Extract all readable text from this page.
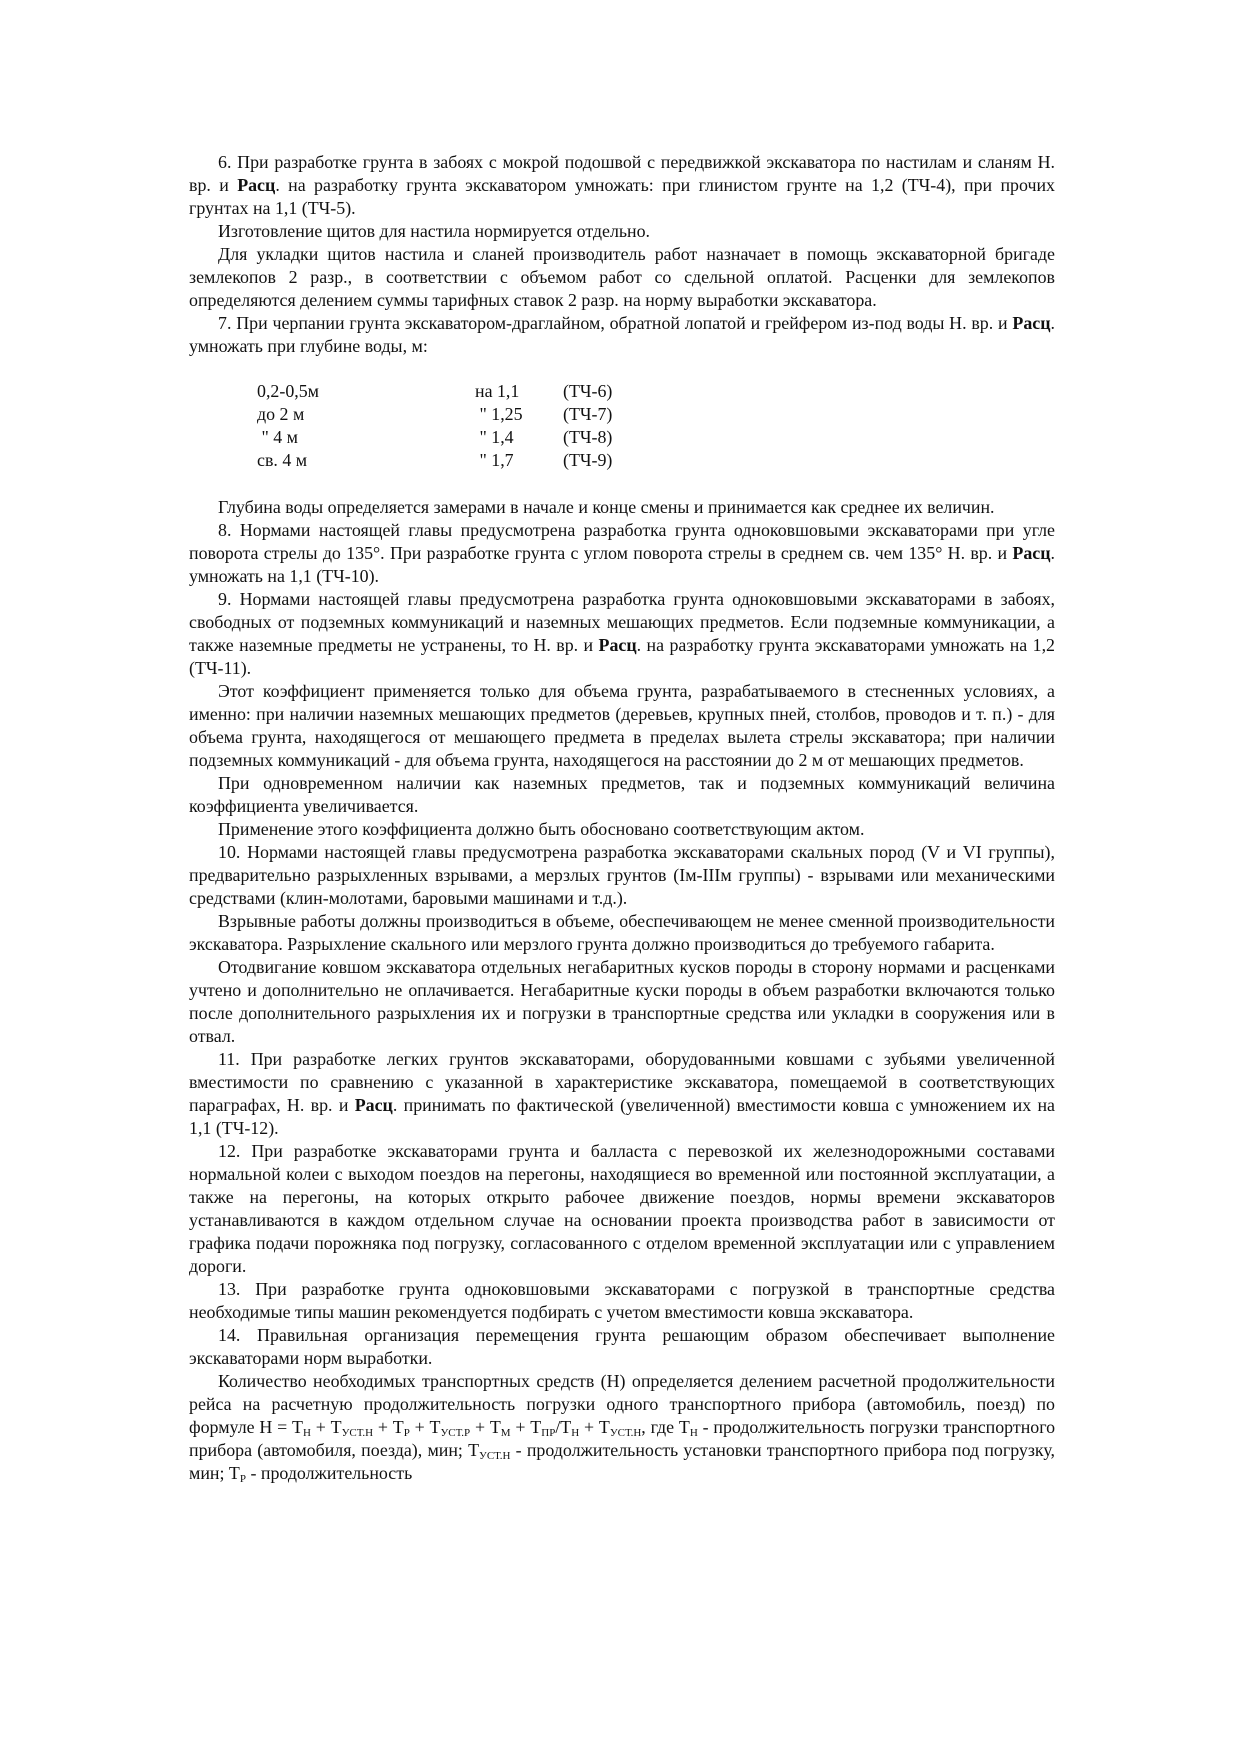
6. При разработке грунта в забоях с мокрой подошвой с передвижкой экскаватора по настилам и сланям Н. вр. и Расц. на разработку грунта экскаватором умножать: при глинистом грунте на 1,2 (ТЧ-4), при прочих грунтах на 1,1 (ТЧ-5).

Изготовление щитов для настила нормируется отдельно.

Для укладки щитов настила и сланей производитель работ назначает в помощь экскаваторной бригаде землекопов 2 разр., в соответствии с объемом работ со сдельной оплатой. Расценки для землекопов определяются делением суммы тарифных ставок 2 разр. на норму выработки экскаватора.

7. При черпании грунта экскаватором-драглайном, обратной лопатой и грейфером из-под воды Н. вр. и Расц. умножать при глубине воды, м:

0,2-0,5м	на 1,1	(ТЧ-6)
до 2 м	" 1,25	(ТЧ-7)
" 4 м	" 1,4	(ТЧ-8)
св. 4 м	" 1,7	(ТЧ-9)

Глубина воды определяется замерами в начале и конце смены и принимается как среднее их величин.

8. Нормами настоящей главы предусмотрена разработка грунта одноковшовыми экскаваторами при угле поворота стрелы до 135°. При разработке грунта с углом поворота стрелы в среднем св. чем 135° Н. вр. и Расц. умножать на 1,1 (ТЧ-10).

9. Нормами настоящей главы предусмотрена разработка грунта одноковшовыми экскаваторами в забоях, свободных от подземных коммуникаций и наземных мешающих предметов. Если подземные коммуникации, а также наземные предметы не устранены, то Н. вр. и Расц. на разработку грунта экскаваторами умножать на 1,2 (ТЧ-11).

Этот коэффициент применяется только для объема грунта, разрабатываемого в стесненных условиях, а именно: при наличии наземных мешающих предметов (деревьев, крупных пней, столбов, проводов и т. п.) - для объема грунта, находящегося от мешающего предмета в пределах вылета стрелы экскаватора; при наличии подземных коммуникаций - для объема грунта, находящегося на расстоянии до 2 м от мешающих предметов.

При одновременном наличии как наземных предметов, так и подземных коммуникаций величина коэффициента увеличивается.

Применение этого коэффициента должно быть обосновано соответствующим актом.

10. Нормами настоящей главы предусмотрена разработка экскаваторами скальных пород (V и VI группы), предварительно разрыхленных взрывами, а мерзлых грунтов (Iм-IIIм группы) - взрывами или механическими средствами (клин-молотами, баровыми машинами и т.д.).

Взрывные работы должны производиться в объеме, обеспечивающем не менее сменной производительности экскаватора. Разрыхление скального или мерзлого грунта должно производиться до требуемого габарита.

Отодвигание ковшом экскаватора отдельных негабаритных кусков породы в сторону нормами и расценками учтено и дополнительно не оплачивается. Негабаритные куски породы в объем разработки включаются только после дополнительного разрыхления их и погрузки в транспортные средства или укладки в сооружения или в отвал.

11. При разработке легких грунтов экскаваторами, оборудованными ковшами с зубьями увеличенной вместимости по сравнению с указанной в характеристике экскаватора, помещаемой в соответствующих параграфах, Н. вр. и Расц. принимать по фактической (увеличенной) вместимости ковша с умножением их на 1,1 (ТЧ-12).

12. При разработке экскаваторами грунта и балласта с перевозкой их железнодорожными составами нормальной колеи с выходом поездов на перегоны, находящиеся во временной или постоянной эксплуатации, а также на перегоны, на которых открыто рабочее движение поездов, нормы времени экскаваторов устанавливаются в каждом отдельном случае на основании проекта производства работ в зависимости от графика подачи порожняка под погрузку, согласованного с отделом временной эксплуатации или с управлением дороги.

13. При разработке грунта одноковшовыми экскаваторами с погрузкой в транспортные средства необходимые типы машин рекомендуется подбирать с учетом вместимости ковша экскаватора.

14. Правильная организация перемещения грунта решающим образом обеспечивает выполнение экскаваторами норм выработки.

Количество необходимых транспортных средств (Н) определяется делением расчетной продолжительности рейса на расчетную продолжительность погрузки одного транспортного прибора (автомобиль, поезд) по формуле $Н = Т_Н + Т_{УСТ.Н} + Т_Р + Т_{УСТ.Р} + Т_М + Т_{ПР}/Т_Н + Т_{УСТ.Н}$, где $Т_Н$ - продолжительность погрузки транспортного прибора (автомобиля, поезда), мин; $Т_{УСТ.Н}$ - продолжительность установки транспортного прибора под погрузку, мин; $Т_Р$ - продолжительность
